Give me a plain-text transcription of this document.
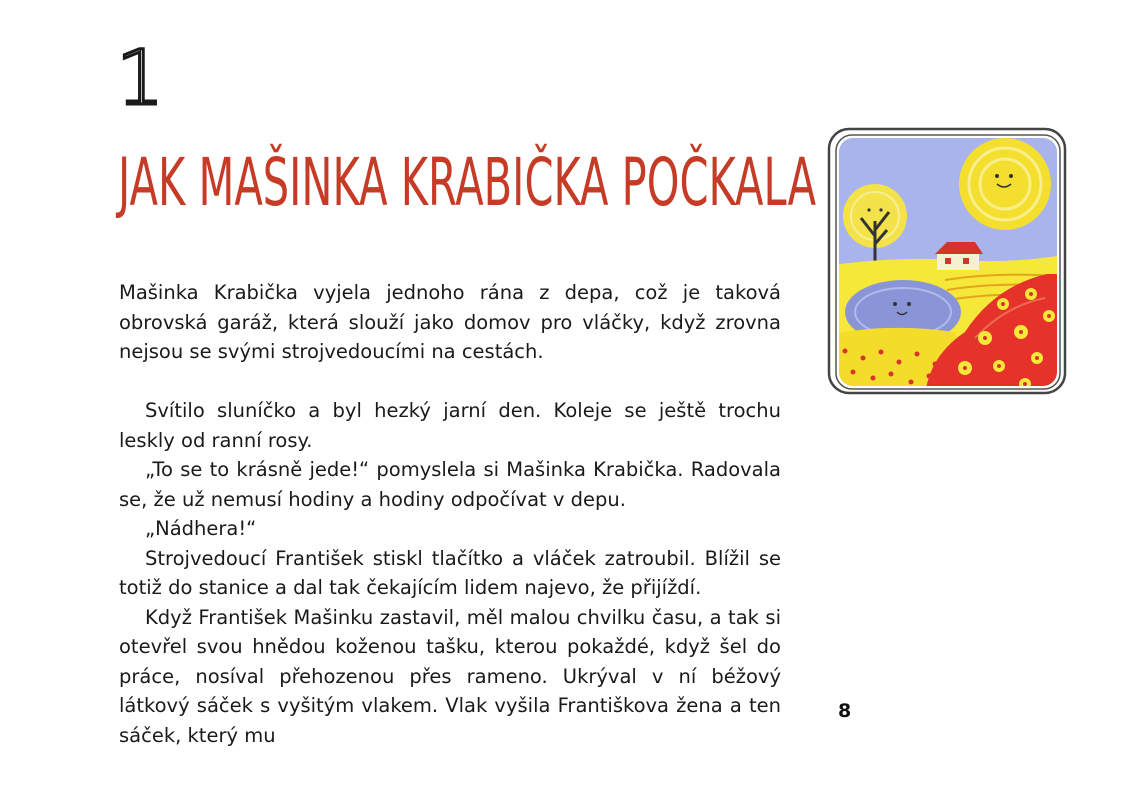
1
JAK MAŠINKA KRABIČKA POČKALA

Mašinka Krabička vyjela jednoho rána z depa, což je taková obrovská garáž, která slouží jako domov pro vláčky, když zrovna nejsou se svými strojvedoucími na cestách.

Svítilo sluníčko a byl hezký jarní den. Koleje se ještě trochu leskly od ranní rosy.

„To se to krásně jede!“ pomyslela si Mašinka Krabička. Radovala se, že už nemusí hodiny a hodiny odpočívat v depu.

„Nádhera!“

Strojvedoucí František stiskl tlačítko a vláček zatroubil. Blížil se totiž do stanice a dal tak čekajícím lidem najevo, že přijíždí.

Když František Mašinku zastavil, měl malou chvilku času, a tak si otevřel svou hnědou koženou tašku, kterou pokaždé, když šel do práce, nosíval přehozenou přes rameno. Ukrýval v ní béžový látkový sáček s vyšitým vlakem. Vlak vyšila Františkova žena a ten sáček, který mu

8
